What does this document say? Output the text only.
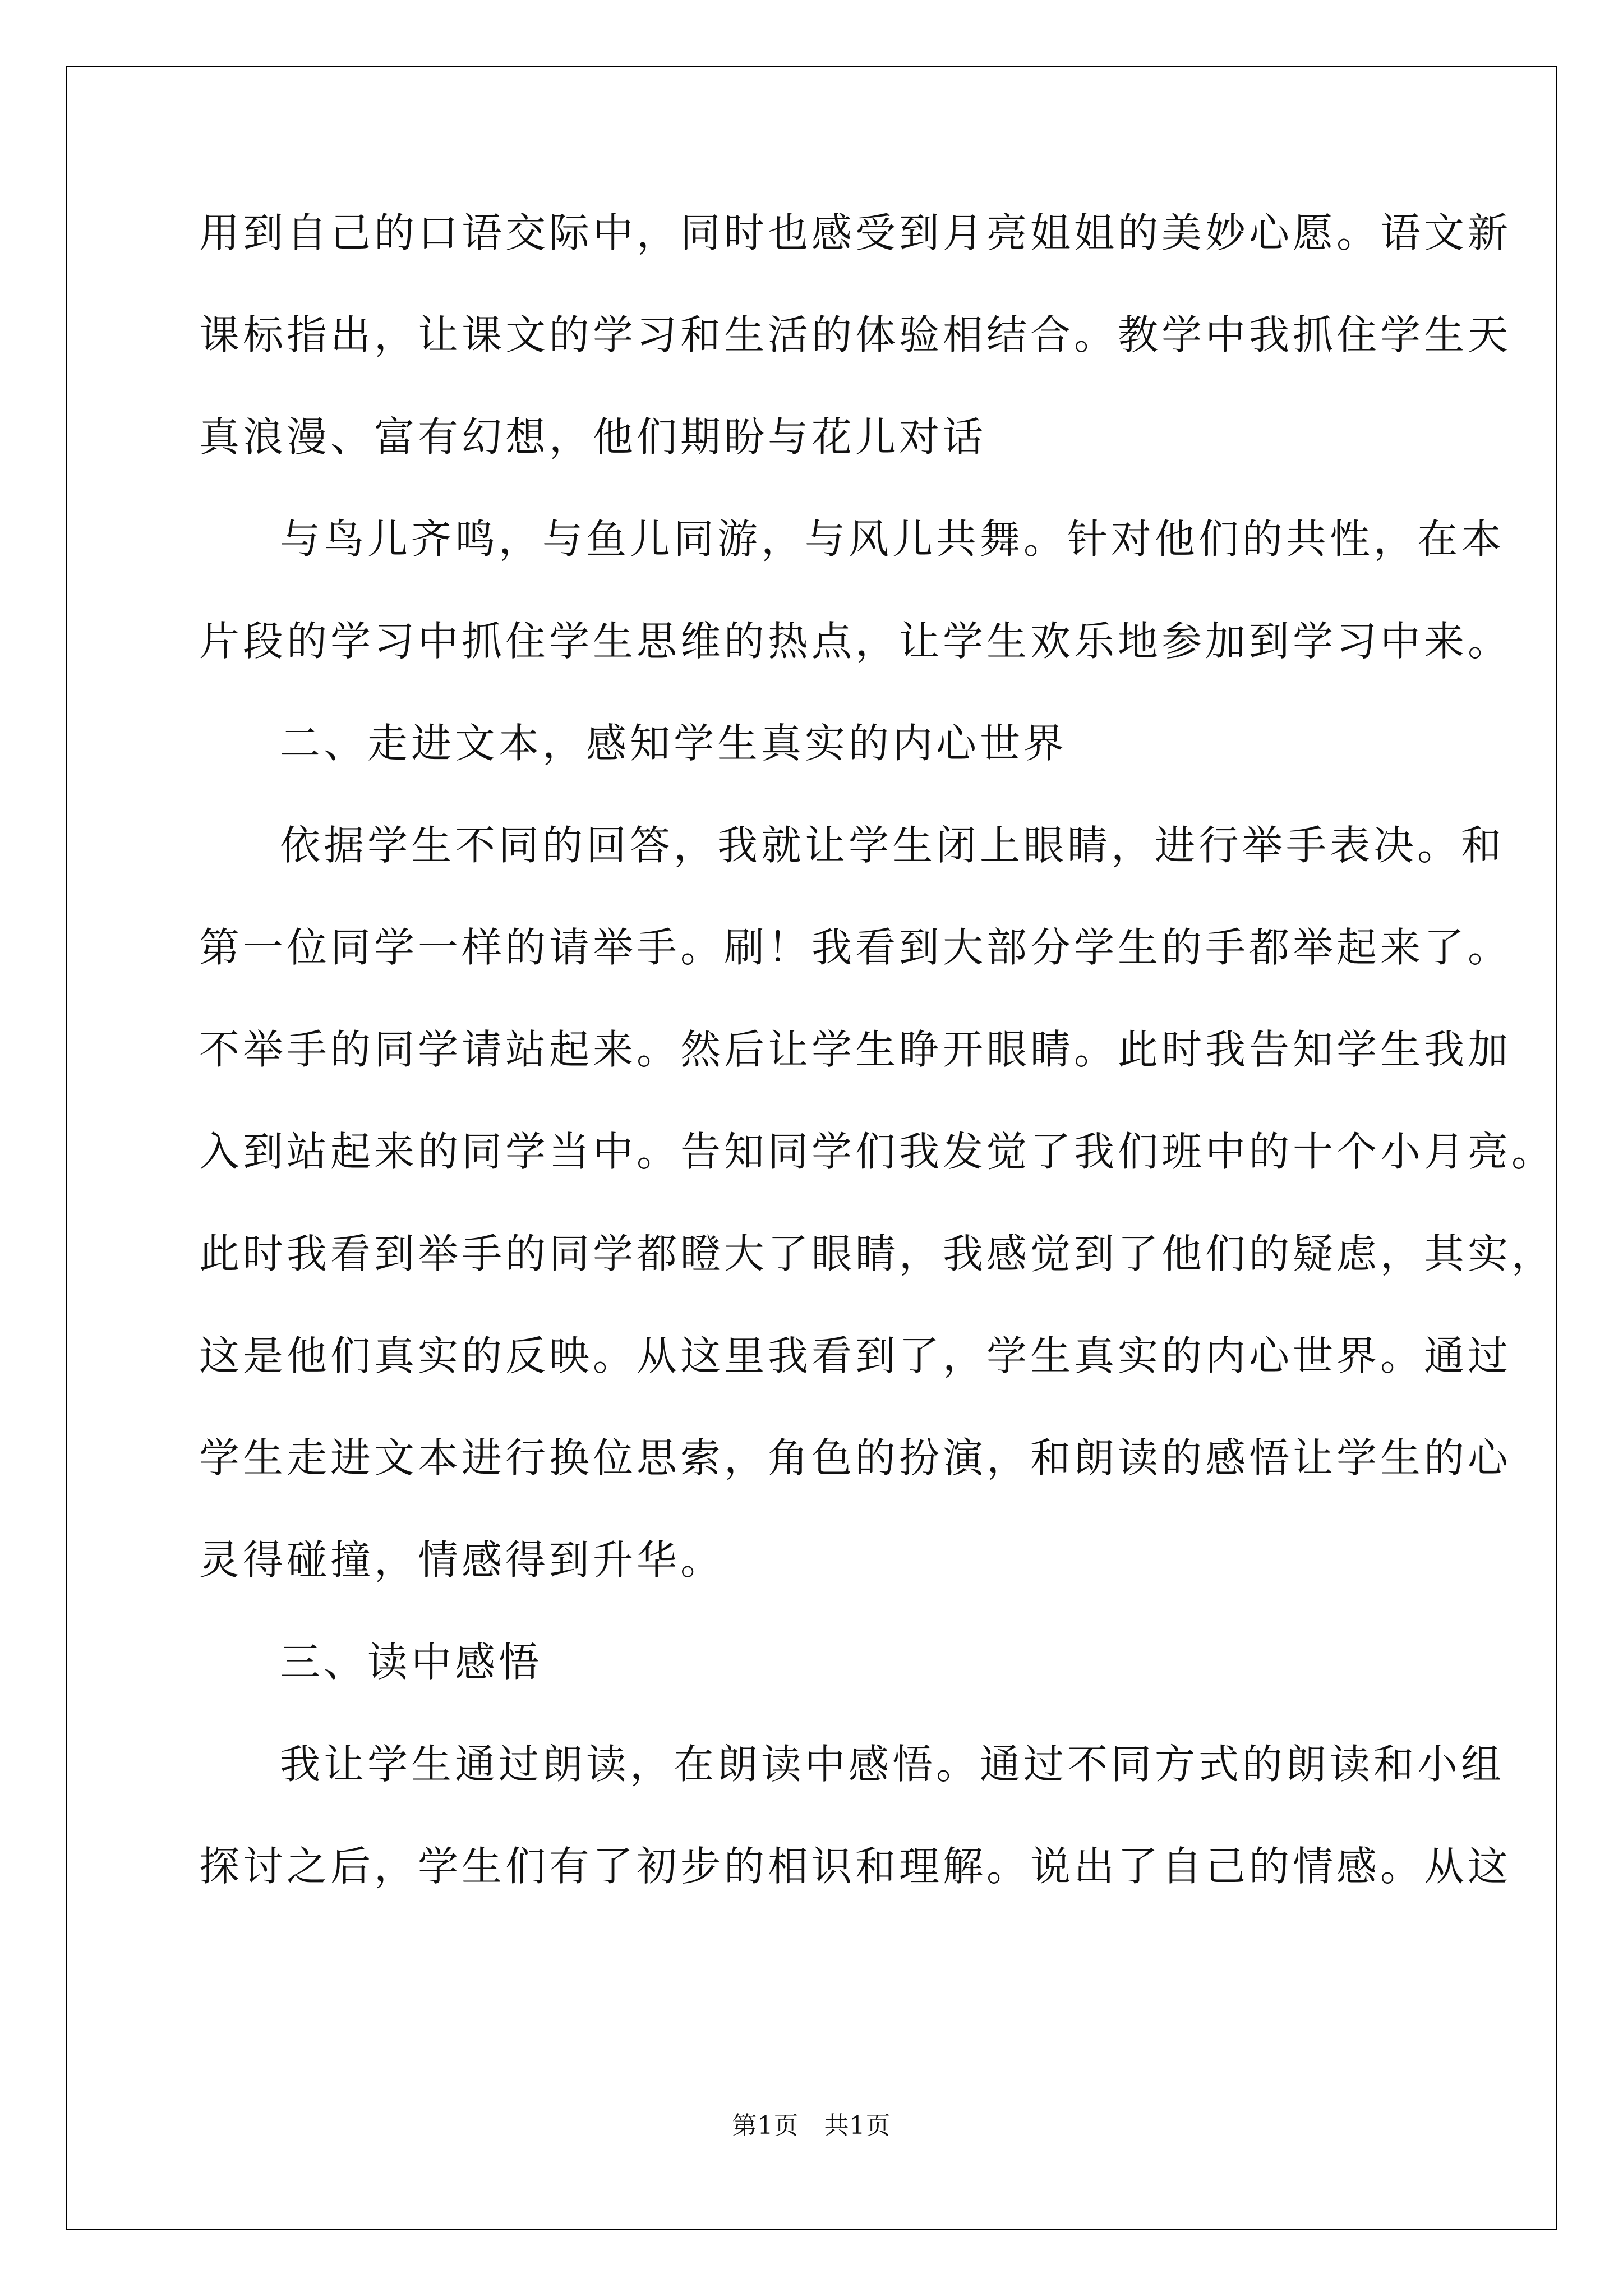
用到自己的口语交际中，同时也感受到月亮姐姐的美妙心愿。语文新
课标指出，让课文的学习和生活的体验相结合。教学中我抓住学生天
真浪漫、富有幻想，他们期盼与花儿对话
与鸟儿齐鸣，与鱼儿同游，与风儿共舞。针对他们的共性，在本
片段的学习中抓住学生思维的热点，让学生欢乐地参加到学习中来。
二、走进文本，感知学生真实的内心世界
依据学生不同的回答，我就让学生闭上眼睛，进行举手表决。和
第一位同学一样的请举手。刷！我看到大部分学生的手都举起来了。
不举手的同学请站起来。然后让学生睁开眼睛。此时我告知学生我加
入到站起来的同学当中。告知同学们我发觉了我们班中的十个小月亮。
此时我看到举手的同学都瞪大了眼睛，我感觉到了他们的疑虑，其实，
这是他们真实的反映。从这里我看到了，学生真实的内心世界。通过
学生走进文本进行换位思索，角色的扮演，和朗读的感悟让学生的心
灵得碰撞，情感得到升华。
三、读中感悟
我让学生通过朗读，在朗读中感悟。通过不同方式的朗读和小组
探讨之后，学生们有了初步的相识和理解。说出了自己的情感。从这
第1页　共1页
